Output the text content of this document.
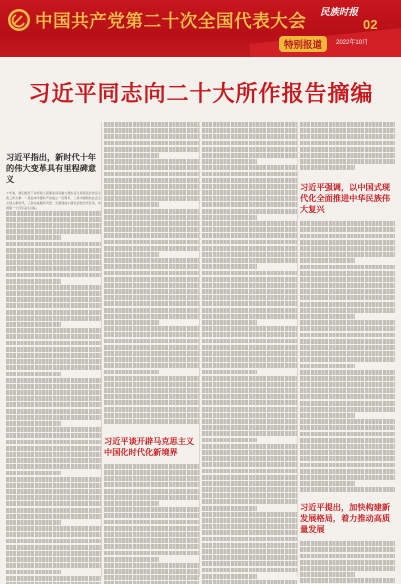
中国共产党第二十次全国代表大会 民族时报
02
特别报道	2022年10月
习近平同志向二十大所作报告摘编
习近平指出，新时代十年的伟大变革具有里程碑意义

十年来，我们经历了对党和人民事业具有重大现实意义和深远历史意义的三件大事：一是迎来中国共产党成立一百周年，二是中国特色社会主义进入新时代，三是完成脱贫攻坚、全面建成小康社会的历史任务，实现第一个百年奋斗目标。

习近平谈开辟马克思主义中国化时代化新境界
习近平强调，以中国式现代化全面推进中华民族伟大复兴
习近平提出，加快构建新发展格局，着力推动高质量发展
